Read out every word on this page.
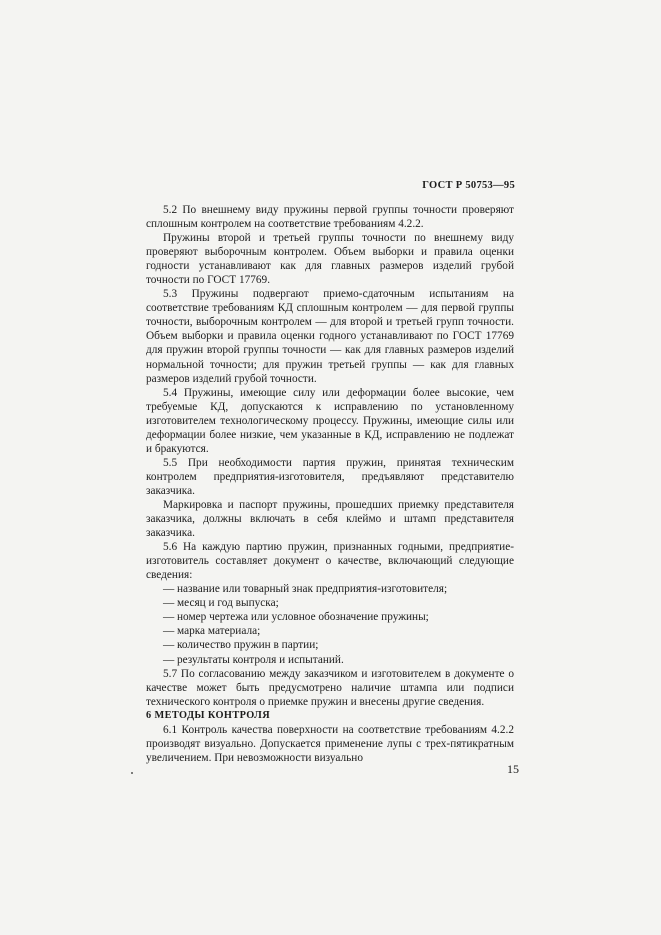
ГОСТ Р 50753—95

5.2 По внешнему виду пружины первой группы точности проверяют сплошным контролем на соответствие требованиям 4.2.2.

Пружины второй и третьей группы точности по внешнему виду проверяют выборочным контролем. Объем выборки и правила оценки годности устанавливают как для главных размеров изделий грубой точности по ГОСТ 17769.

5.3 Пружины подвергают приемо-сдаточным испытаниям на соответствие требованиям КД сплошным контролем — для первой группы точности, выборочным контролем — для второй и третьей групп точности. Объем выборки и правила оценки годного устанавливают по ГОСТ 17769 для пружин второй группы точности — как для главных размеров изделий нормальной точности; для пружин третьей группы — как для главных размеров изделий грубой точности.

5.4 Пружины, имеющие силу или деформации более высокие, чем требуемые КД, допускаются к исправлению по установленному изготовителем технологическому процессу. Пружины, имеющие силы или деформации более низкие, чем указанные в КД, исправлению не подлежат и бракуются.

5.5 При необходимости партия пружин, принятая техническим контролем предприятия-изготовителя, предъявляют представителю заказчика.

Маркировка и паспорт пружины, прошедших приемку представителя заказчика, должны включать в себя клеймо и штамп представителя заказчика.

5.6 На каждую партию пружин, признанных годными, предприятие-изготовитель составляет документ о качестве, включающий следующие сведения:

— название или товарный знак предприятия-изготовителя;
— месяц и год выпуска;
— номер чертежа или условное обозначение пружины;
— марка материала;
— количество пружин в партии;
— результаты контроля и испытаний.

5.7 По согласованию между заказчиком и изготовителем в документе о качестве может быть предусмотрено наличие штампа или подписи технического контроля о приемке пружин и внесены другие сведения.

6 МЕТОДЫ КОНТРОЛЯ

6.1 Контроль качества поверхности на соответствие требованиям 4.2.2 производят визуально. Допускается применение лупы с трех-пятикратным увеличением. При невозможности визуально

15
